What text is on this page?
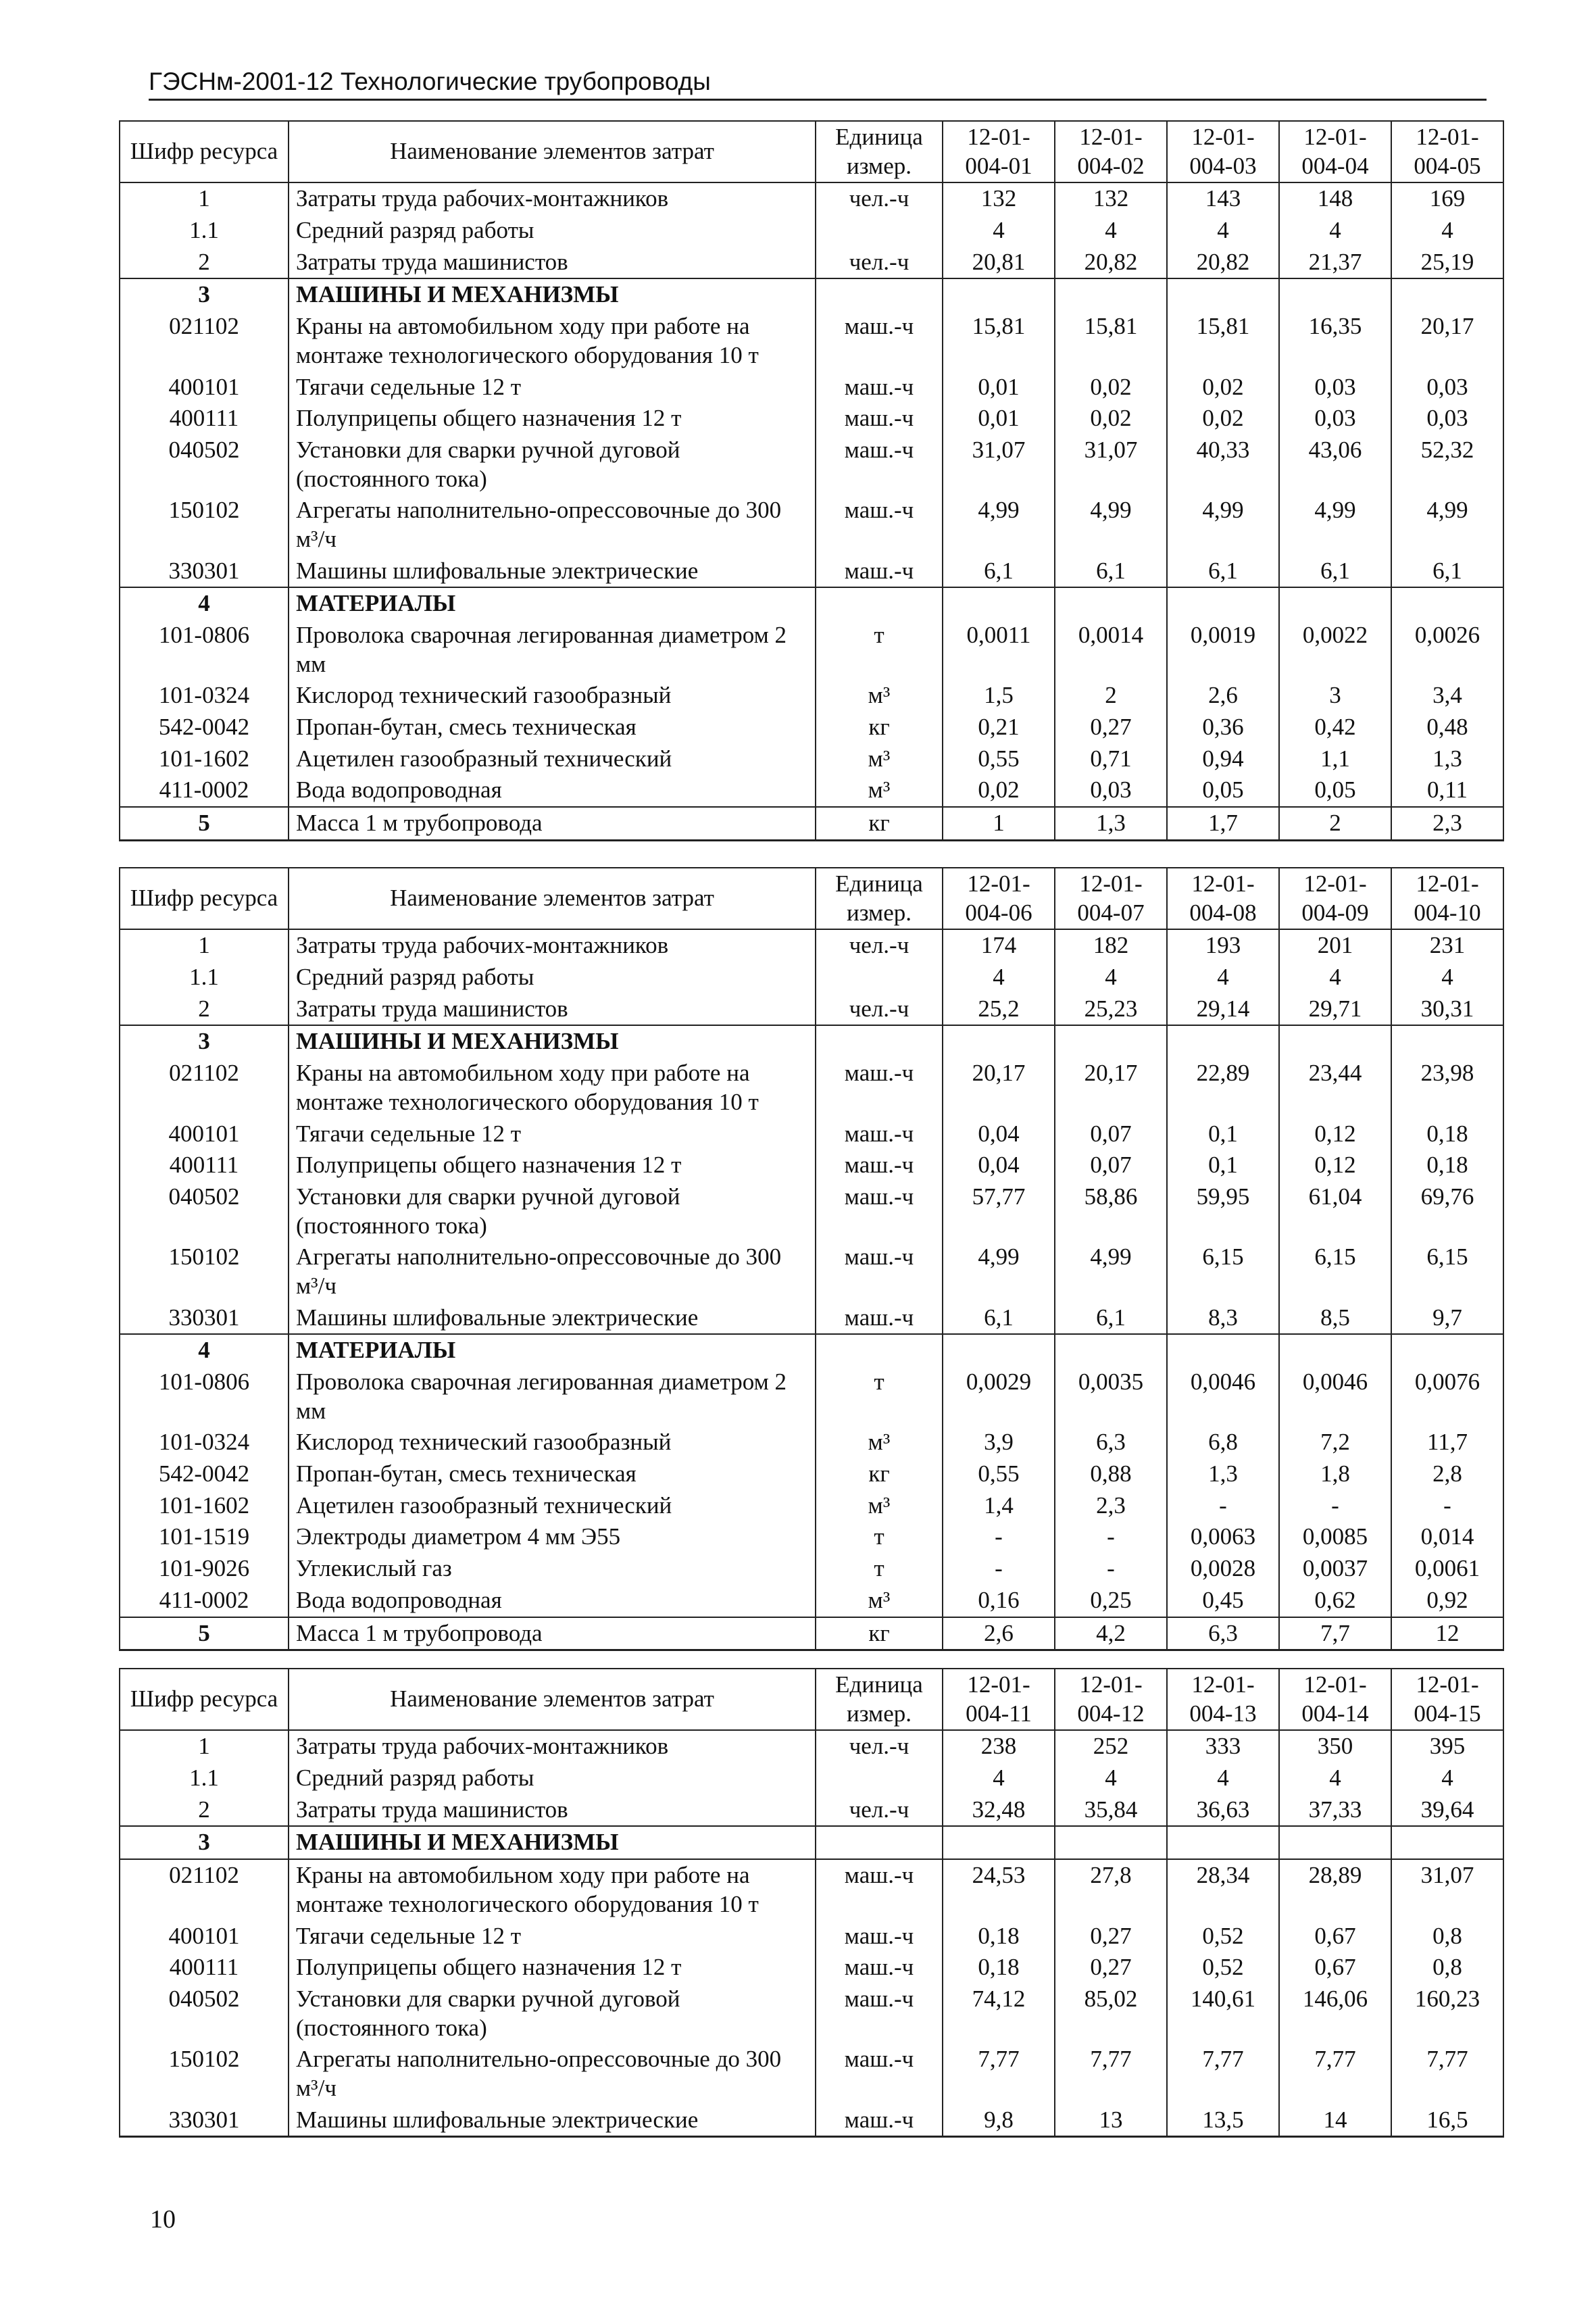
ГЭСНм-2001-12 Технологические трубопроводы
Шифр ресурса	Наименование элементов затрат	Единица измер.	12-01-004-01	12-01-004-02	12-01-004-03	12-01-004-04	12-01-004-05
1	Затраты труда рабочих-монтажников	чел.-ч	132	132	143	148	169
1.1	Средний разряд работы		4	4	4	4	4
2	Затраты труда машинистов	чел.-ч	20,81	20,82	20,82	21,37	25,19
3	МАШИНЫ И МЕХАНИЗМЫ						
021102	Краны на автомобильном ходу при работе на монтаже технологического оборудования 10 т	маш.-ч	15,81	15,81	15,81	16,35	20,17
400101	Тягачи седельные 12 т	маш.-ч	0,01	0,02	0,02	0,03	0,03
400111	Полуприцепы общего назначения 12 т	маш.-ч	0,01	0,02	0,02	0,03	0,03
040502	Установки для сварки ручной дуговой (постоянного тока)	маш.-ч	31,07	31,07	40,33	43,06	52,32
150102	Агрегаты наполнительно-опрессовочные до 300 м³/ч	маш.-ч	4,99	4,99	4,99	4,99	4,99
330301	Машины шлифовальные электрические	маш.-ч	6,1	6,1	6,1	6,1	6,1
4	МАТЕРИАЛЫ						
101-0806	Проволока сварочная легированная диаметром 2 мм	т	0,0011	0,0014	0,0019	0,0022	0,0026
101-0324	Кислород технический газообразный	м³	1,5	2	2,6	3	3,4
542-0042	Пропан-бутан, смесь техническая	кг	0,21	0,27	0,36	0,42	0,48
101-1602	Ацетилен газообразный технический	м³	0,55	0,71	0,94	1,1	1,3
411-0002	Вода водопроводная	м³	0,02	0,03	0,05	0,05	0,11
5	Масса 1 м трубопровода	кг	1	1,3	1,7	2	2,3
Шифр ресурса	Наименование элементов затрат	Единица измер.	12-01-004-06	12-01-004-07	12-01-004-08	12-01-004-09	12-01-004-10
1	Затраты труда рабочих-монтажников	чел.-ч	174	182	193	201	231
1.1	Средний разряд работы		4	4	4	4	4
2	Затраты труда машинистов	чел.-ч	25,2	25,23	29,14	29,71	30,31
3	МАШИНЫ И МЕХАНИЗМЫ						
021102	Краны на автомобильном ходу при работе на монтаже технологического оборудования 10 т	маш.-ч	20,17	20,17	22,89	23,44	23,98
400101	Тягачи седельные 12 т	маш.-ч	0,04	0,07	0,1	0,12	0,18
400111	Полуприцепы общего назначения 12 т	маш.-ч	0,04	0,07	0,1	0,12	0,18
040502	Установки для сварки ручной дуговой (постоянного тока)	маш.-ч	57,77	58,86	59,95	61,04	69,76
150102	Агрегаты наполнительно-опрессовочные до 300 м³/ч	маш.-ч	4,99	4,99	6,15	6,15	6,15
330301	Машины шлифовальные электрические	маш.-ч	6,1	6,1	8,3	8,5	9,7
4	МАТЕРИАЛЫ						
101-0806	Проволока сварочная легированная диаметром 2 мм	т	0,0029	0,0035	0,0046	0,0046	0,0076
101-0324	Кислород технический газообразный	м³	3,9	6,3	6,8	7,2	11,7
542-0042	Пропан-бутан, смесь техническая	кг	0,55	0,88	1,3	1,8	2,8
101-1602	Ацетилен газообразный технический	м³	1,4	2,3	-	-	-
101-1519	Электроды диаметром 4 мм Э55	т	-	-	0,0063	0,0085	0,014
101-9026	Углекислый газ	т	-	-	0,0028	0,0037	0,0061
411-0002	Вода водопроводная	м³	0,16	0,25	0,45	0,62	0,92
5	Масса 1 м трубопровода	кг	2,6	4,2	6,3	7,7	12
Шифр ресурса	Наименование элементов затрат	Единица измер.	12-01-004-11	12-01-004-12	12-01-004-13	12-01-004-14	12-01-004-15
1	Затраты труда рабочих-монтажников	чел.-ч	238	252	333	350	395
1.1	Средний разряд работы		4	4	4	4	4
2	Затраты труда машинистов	чел.-ч	32,48	35,84	36,63	37,33	39,64
3	МАШИНЫ И МЕХАНИЗМЫ						
021102	Краны на автомобильном ходу при работе на монтаже технологического оборудования 10 т	маш.-ч	24,53	27,8	28,34	28,89	31,07
400101	Тягачи седельные 12 т	маш.-ч	0,18	0,27	0,52	0,67	0,8
400111	Полуприцепы общего назначения 12 т	маш.-ч	0,18	0,27	0,52	0,67	0,8
040502	Установки для сварки ручной дуговой (постоянного тока)	маш.-ч	74,12	85,02	140,61	146,06	160,23
150102	Агрегаты наполнительно-опрессовочные до 300 м³/ч	маш.-ч	7,77	7,77	7,77	7,77	7,77
330301	Машины шлифовальные электрические	маш.-ч	9,8	13	13,5	14	16,5
10
